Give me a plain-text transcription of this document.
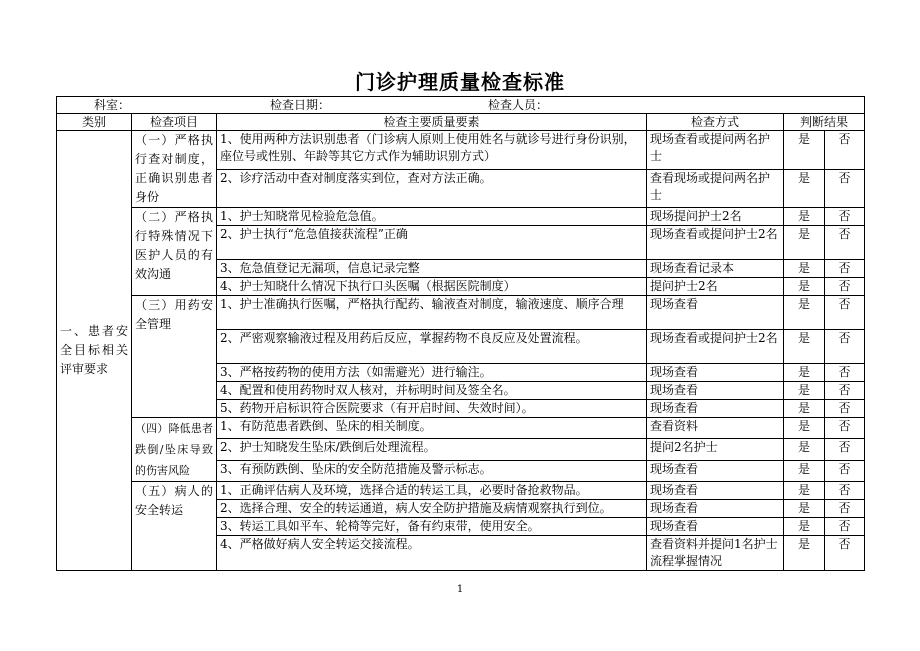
门诊护理质量检查标准
科室： 检查日期： 检查人员：					
类别	检查项目	检查主要质量要素	检查方式	判断结果	
一、患者安全目标相关评审要求	（一）严格执行查对制度，正确识别患者身份	1、使用两种方法识别患者（门诊病人原则上使用姓名与就诊号进行身份识别，座位号或性别、年龄等其它方式作为辅助识别方式）	现场查看或提问两名护士	是	否
		2、诊疗活动中查对制度落实到位，查对方法正确。	查看现场或提问两名护士	是	否
	（二）严格执行特殊情况下医护人员的有效沟通	1、护士知晓常见检验危急值。	现场提问护士2名	是	否
		2、护士执行“危急值接获流程”正确	现场查看或提问护士2名	是	否
		3、危急值登记无漏项，信息记录完整	现场查看记录本	是	否
		4、护士知晓什么情况下执行口头医嘱（根据医院制度）	提问护士2名	是	否
	（三）用药安全管理	1、护士准确执行医嘱，严格执行配药、输液查对制度，输液速度、顺序合理	现场查看	是	否
		2、严密观察输液过程及用药后反应，掌握药物不良反应及处置流程。	现场查看或提问护士2名	是	否
		3、严格按药物的使用方法（如需避光）进行输注。	现场查看	是	否
		4、配置和使用药物时双人核对，并标明时间及签全名。	现场查看	是	否
		5、药物开启标识符合医院要求（有开启时间、失效时间）。	现场查看	是	否
	（四）降低患者跌倒/坠床导致的伤害风险	1、有防范患者跌倒、坠床的相关制度。	查看资料	是	否
		2、护士知晓发生坠床/跌倒后处理流程。	提问2名护士	是	否
		3、有预防跌倒、坠床的安全防范措施及警示标志。	现场查看	是	否
	（五）病人的安全转运	1、正确评估病人及环境，选择合适的转运工具，必要时备抢救物品。	现场查看	是	否
		2、选择合理、安全的转运通道，病人安全防护措施及病情观察执行到位。	现场查看	是	否
		3、转运工具如平车、轮椅等完好，备有约束带，使用安全。	现场查看	是	否
		4、严格做好病人安全转运交接流程。	查看资料并提问1名护士流程掌握情况	是	否
1
